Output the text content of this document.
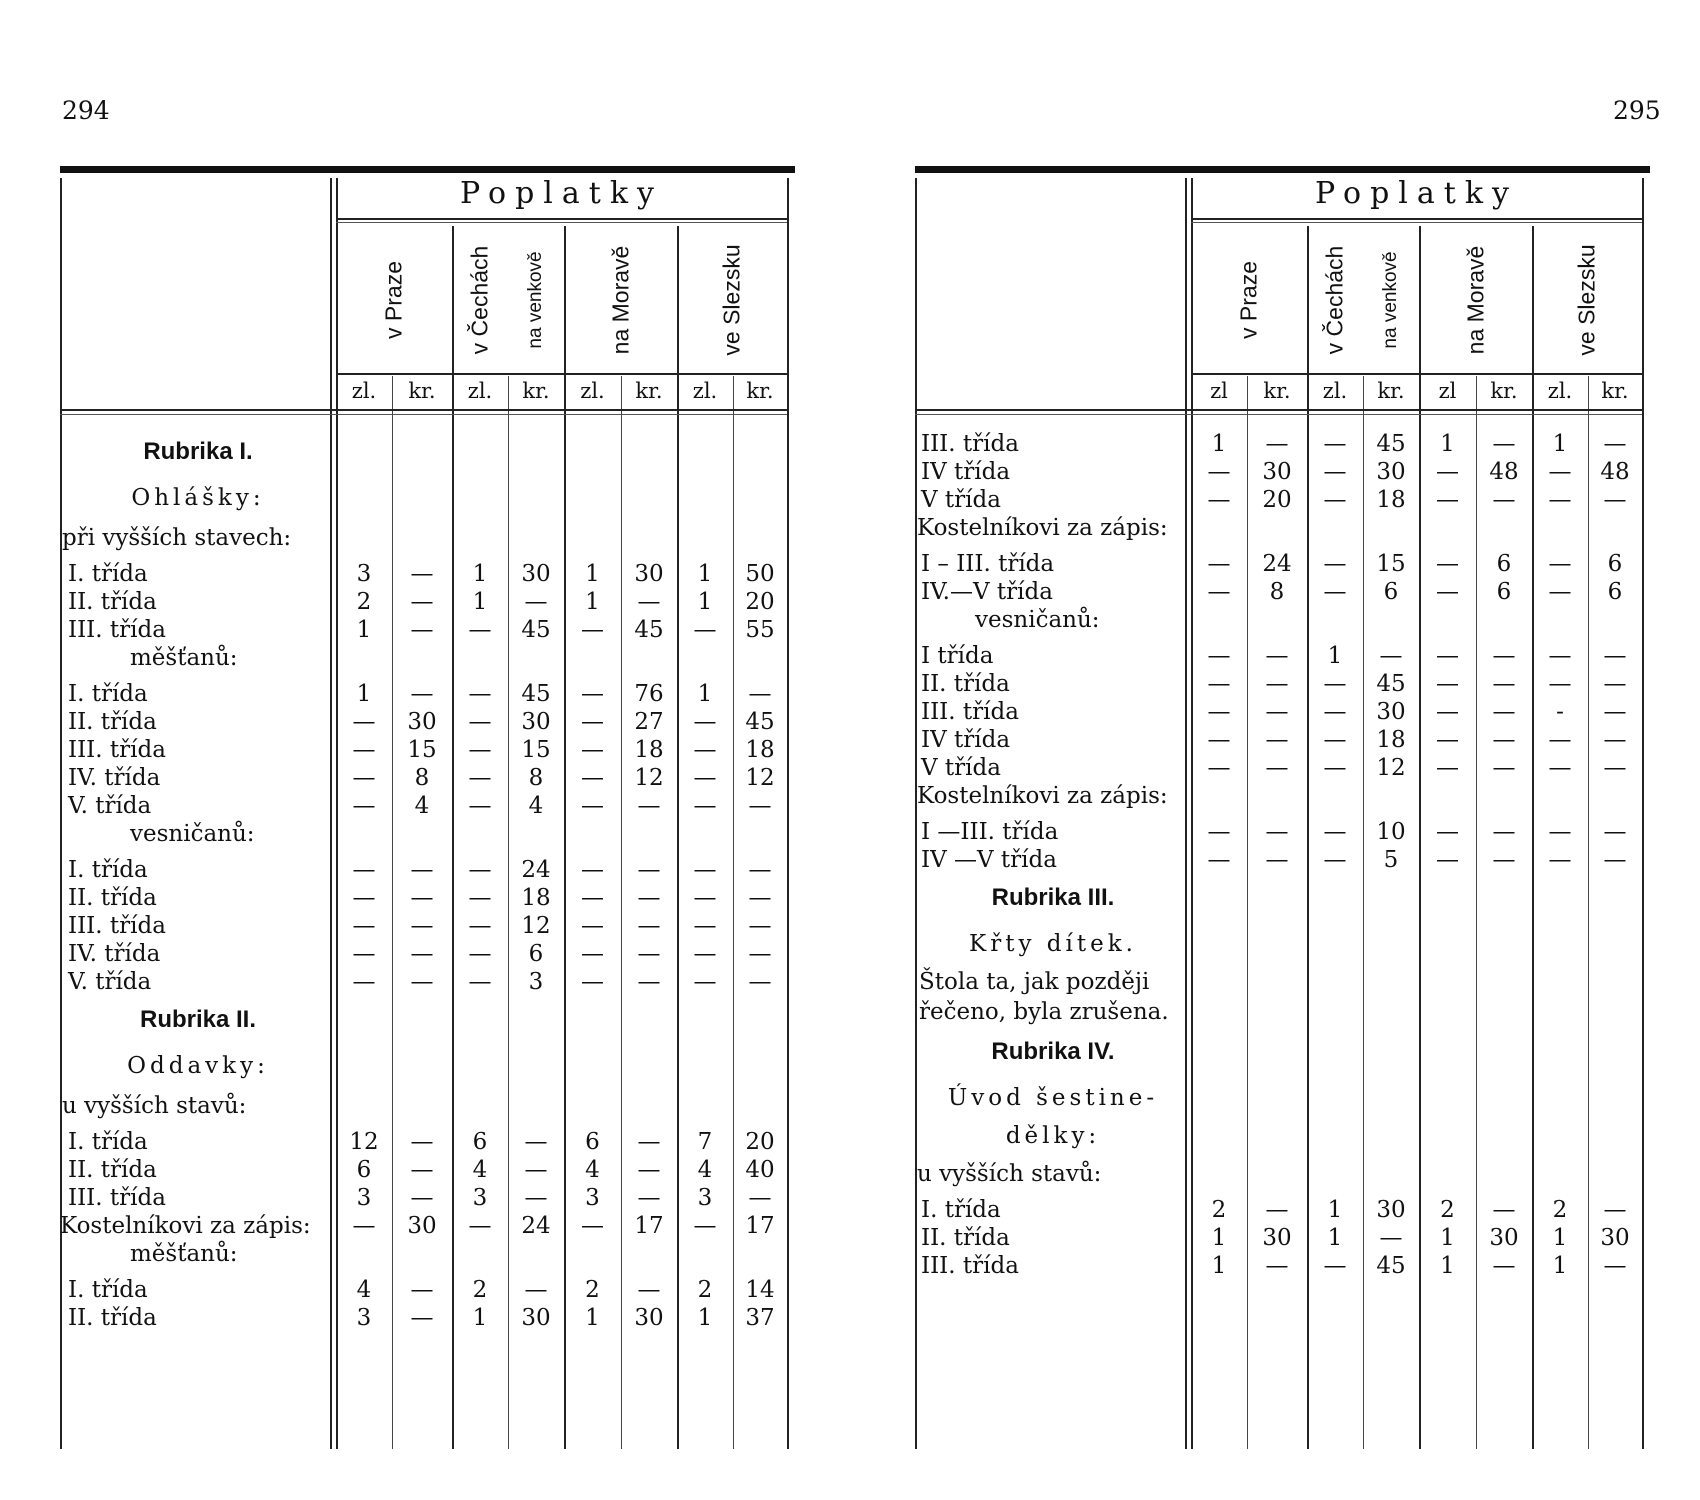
294	295
Poplatky
v Praze	v Čechách na venkově	na Moravě	ve Slezsku
zl.	kr.	zl.	kr.	zl.	kr.	zl.	kr.
Rubrika I.
Ohlášky:
při vyšších stavech:
I. třída	3	—	1	30	1	30	1	50
II. třída	2	—	1	—	1	—	1	20
III. třída	1	—	—	45	—	45	—	55
měšťanů:
I. třída	1	—	—	45	—	76	1	—
II. třída	—	30	—	30	—	27	—	45
III. třída	—	15	—	15	—	18	—	18
IV. třída	—	8	—	8	—	12	—	12
V. třída	—	4	—	4	—	—	—	—
vesničanů:
I. třída	—	—	—	24	—	—	—	—
II. třída	—	—	—	18	—	—	—	—
III. třída	—	—	—	12	—	—	—	—
IV. třída	—	—	—	6	—	—	—	—
V. třída	—	—	—	3	—	—	—	—
Rubrika II.
Oddavky:
u vyšších stavů:
I. třída	12	—	6	—	6	—	7	20
II. třída	6	—	4	—	4	—	4	40
III. třída	3	—	3	—	3	—	3	—
Kostelníkovi za zápis:	—	30	—	24	—	17	—	17
měšťanů:
I. třída	4	—	2	—	2	—	2	14
II. třída	3	—	1	30	1	30	1	37
Poplatky
v Praze	v Čechách na venkově	na Moravě	ve Slezsku
zl	kr.	zl.	kr.	zl	kr.	zl.	kr.
III. třída	1	—	—	45	1	—	1	—
IV třída	—	30	—	30	—	48	—	48
V třída	—	20	—	18	—	—	—	—
Kostelníkovi za zápis:
I – III. třída	—	24	—	15	—	6	—	6
IV.—V třída	—	8	—	6	—	6	—	6
vesničanů:
I třída	—	—	1	—	—	—	—	—
II. třída	—	—	—	45	—	—	—	—
III. třída	—	—	—	30	—	—	-	—
IV třída	—	—	—	18	—	—	—	—
V třída	—	—	—	12	—	—	—	—
Kostelníkovi za zápis:
I —III. třída	—	—	—	10	—	—	—	—
IV —V třída	—	—	—	5	—	—	—	—
Rubrika III.
Křty dítek.
Štola ta, jak později
řečeno, byla zrušena.
Rubrika IV.
Úvod šestine-
dělky:
u vyšších stavů:
I. třída	2	—	1	30	2	—	2	—
II. třída	1	30	1	—	1	30	1	30
III. třída	1	—	—	45	1	—	1	—
